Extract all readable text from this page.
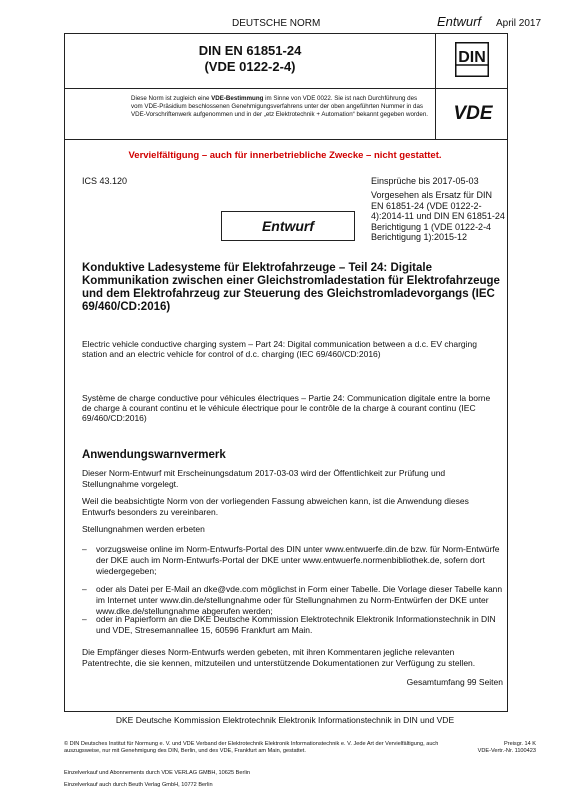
DEUTSCHE NORM	Entwurf April 2017
DIN EN 61851-24
(VDE 0122-2-4)
Diese Norm ist zugleich eine VDE-Bestimmung im Sinne von VDE 0022. Sie ist nach Durchführung des vom VDE-Präsidium beschlossenen Genehmigungsverfahrens unter der oben angeführten Nummer in das VDE-Vorschriftenwerk aufgenommen und in der „etz Elektrotechnik + Automation“ bekannt gegeben worden.
DIN
VDE
Vervielfältigung – auch für innerbetriebliche Zwecke – nicht gestattet.
ICS 43.120	Einsprüche bis 2017-05-03
Vorgesehen als Ersatz für DIN EN 61851-24 (VDE 0122-2-4):2014-11 und DIN EN 61851-24 Berichtigung 1 (VDE 0122-2-4 Berichtigung 1):2015-12
Entwurf
Konduktive Ladesysteme für Elektrofahrzeuge – Teil 24: Digitale Kommunikation zwischen einer Gleichstromladestation für Elektrofahrzeuge und dem Elektrofahrzeug zur Steuerung des Gleichstromladevorgangs (IEC 69/460/CD:2016)
Electric vehicle conductive charging system – Part 24: Digital communication between a d.c. EV charging station and an electric vehicle for control of d.c. charging (IEC 69/460/CD:2016)
Système de charge conductive pour véhicules électriques – Partie 24: Communication digitale entre la borne de charge à courant continu et le véhicule électrique pour le contrôle de la charge à courant continu (IEC 69/460/CD:2016)
Anwendungswarnvermerk
Dieser Norm-Entwurf mit Erscheinungsdatum 2017-03-03 wird der Öffentlichkeit zur Prüfung und Stellungnahme vorgelegt.
Weil die beabsichtigte Norm von der vorliegenden Fassung abweichen kann, ist die Anwendung dieses Entwurfs besonders zu vereinbaren.
Stellungnahmen werden erbeten
– vorzugsweise online im Norm-Entwurfs-Portal des DIN unter www.entwuerfe.din.de bzw. für Norm-Entwürfe der DKE auch im Norm-Entwurfs-Portal der DKE unter www.entwuerfe.normenbibliothek.de, sofern dort wiedergegeben;
– oder als Datei per E-Mail an dke@vde.com möglichst in Form einer Tabelle. Die Vorlage dieser Tabelle kann im Internet unter www.din.de/stellungnahme oder für Stellungnahmen zu Norm-Entwürfen der DKE unter www.dke.de/stellungnahme abgerufen werden;
– oder in Papierform an die DKE Deutsche Kommission Elektrotechnik Elektronik Informationstechnik in DIN und VDE, Stresemannallee 15, 60596 Frankfurt am Main.
Die Empfänger dieses Norm-Entwurfs werden gebeten, mit ihren Kommentaren jegliche relevanten Patentrechte, die sie kennen, mitzuteilen und unterstützende Dokumentationen zur Verfügung zu stellen.
Gesamtumfang 99 Seiten
DKE Deutsche Kommission Elektrotechnik Elektronik Informationstechnik in DIN und VDE
© DIN Deutsches Institut für Normung e. V. und VDE Verband der Elektrotechnik Elektronik Informationstechnik e. V. Jede Art der Vervielfältigung, auch auszugsweise, nur mit Genehmigung des DIN, Berlin, und des VDE, Frankfurt am Main, gestattet.
Preisgr. 14 K
VDE-Vertr.-Nr. 1100423
Einzelverkauf und Abonnements durch VDE VERLAG GMBH, 10625 Berlin
Einzelverkauf auch durch Beuth Verlag GmbH, 10772 Berlin
